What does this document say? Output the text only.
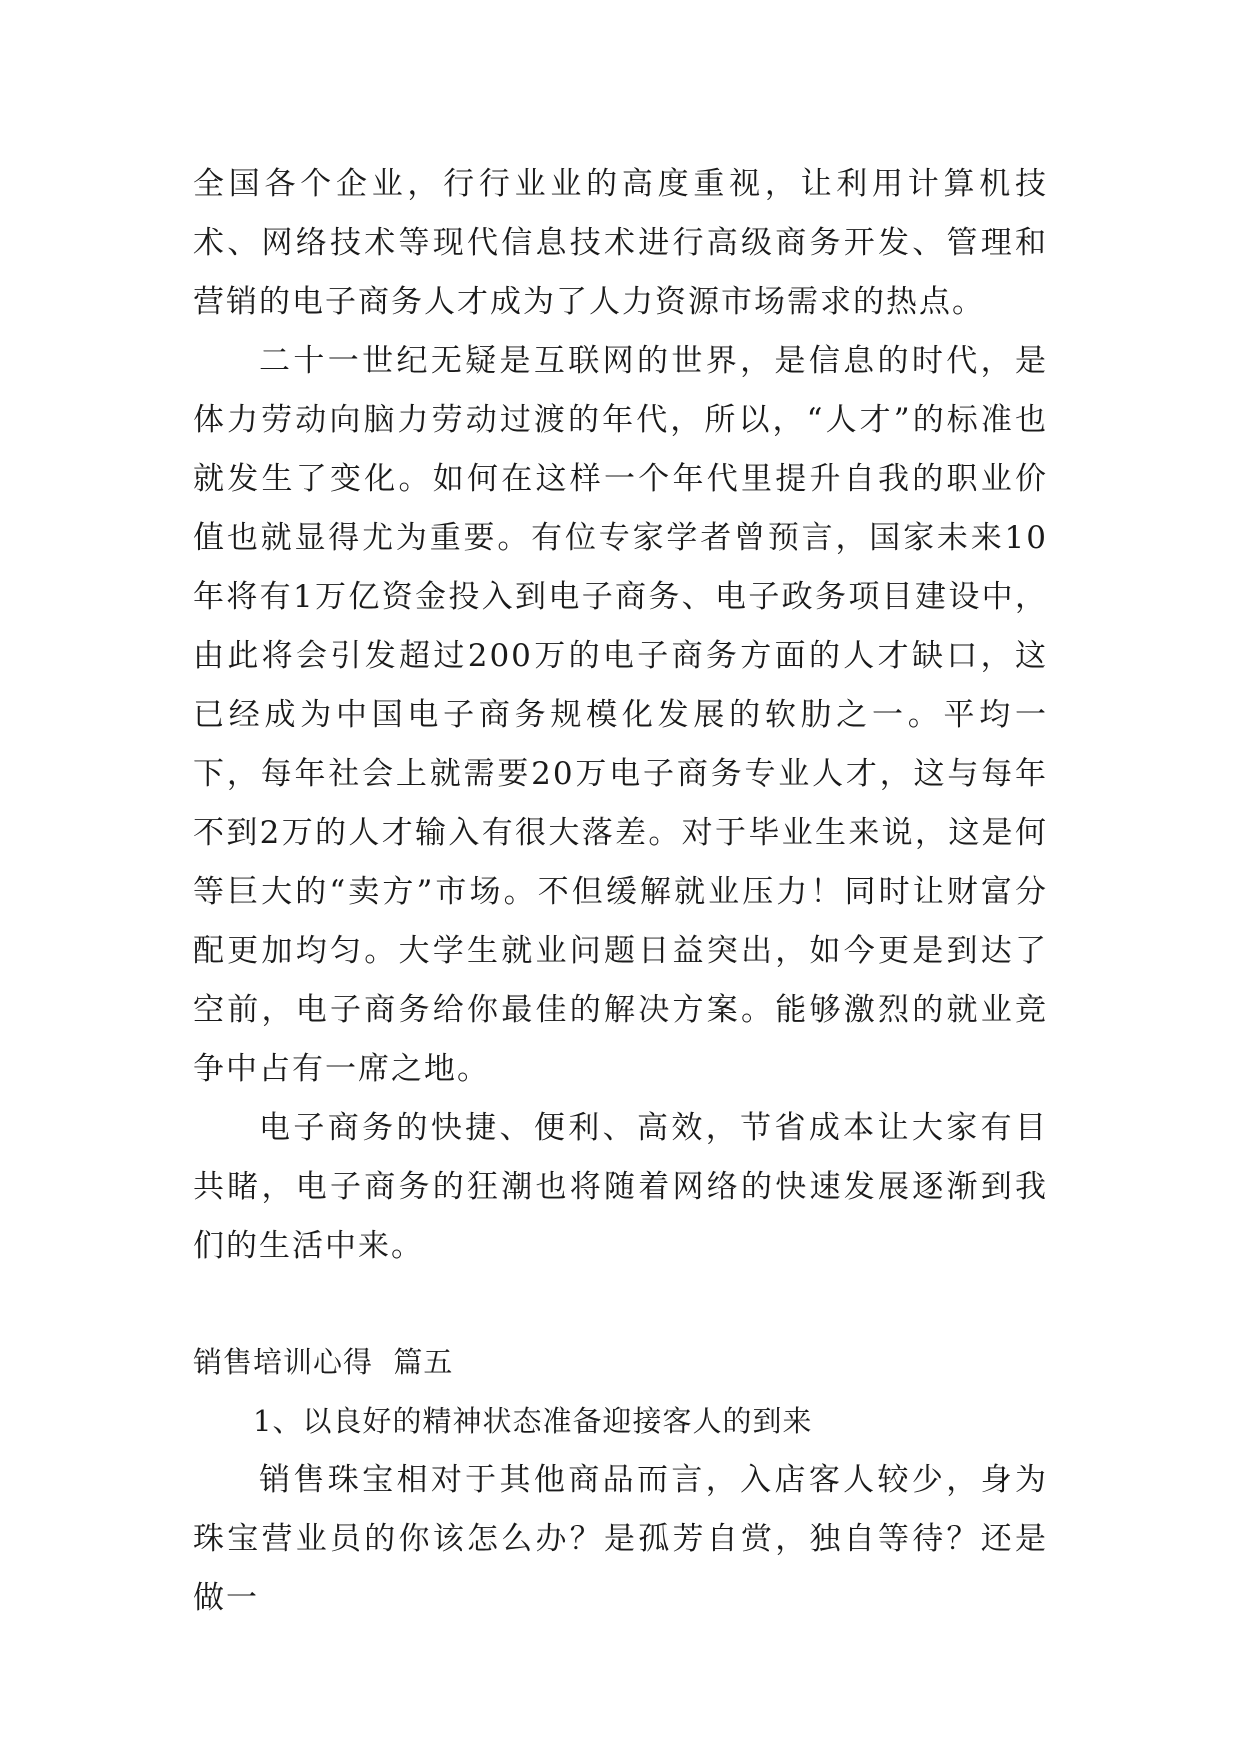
全国各个企业，行行业业的高度重视，让利用计算机技术、网络技术等现代信息技术进行高级商务开发、管理和营销的电子商务人才成为了人力资源市场需求的热点。

二十一世纪无疑是互联网的世界，是信息的时代，是体力劳动向脑力劳动过渡的年代，所以，“人才”的标准也就发生了变化。如何在这样一个年代里提升自我的职业价值也就显得尤为重要。有位专家学者曾预言，国家未来10年将有1万亿资金投入到电子商务、电子政务项目建设中，由此将会引发超过200万的电子商务方面的人才缺口，这已经成为中国电子商务规模化发展的软肋之一。平均一下，每年社会上就需要20万电子商务专业人才，这与每年不到2万的人才输入有很大落差。对于毕业生来说，这是何等巨大的“卖方”市场。不但缓解就业压力！同时让财富分配更加均匀。大学生就业问题日益突出，如今更是到达了空前，电子商务给你最佳的解决方案。能够激烈的就业竞争中占有一席之地。

电子商务的快捷、便利、高效，节省成本让大家有目共睹，电子商务的狂潮也将随着网络的快速发展逐渐到我们的生活中来。

销售培训心得  篇五

1、以良好的精神状态准备迎接客人的到来

销售珠宝相对于其他商品而言，入店客人较少，身为珠宝营业员的你该怎么办？是孤芳自赏，独自等待？还是做一
